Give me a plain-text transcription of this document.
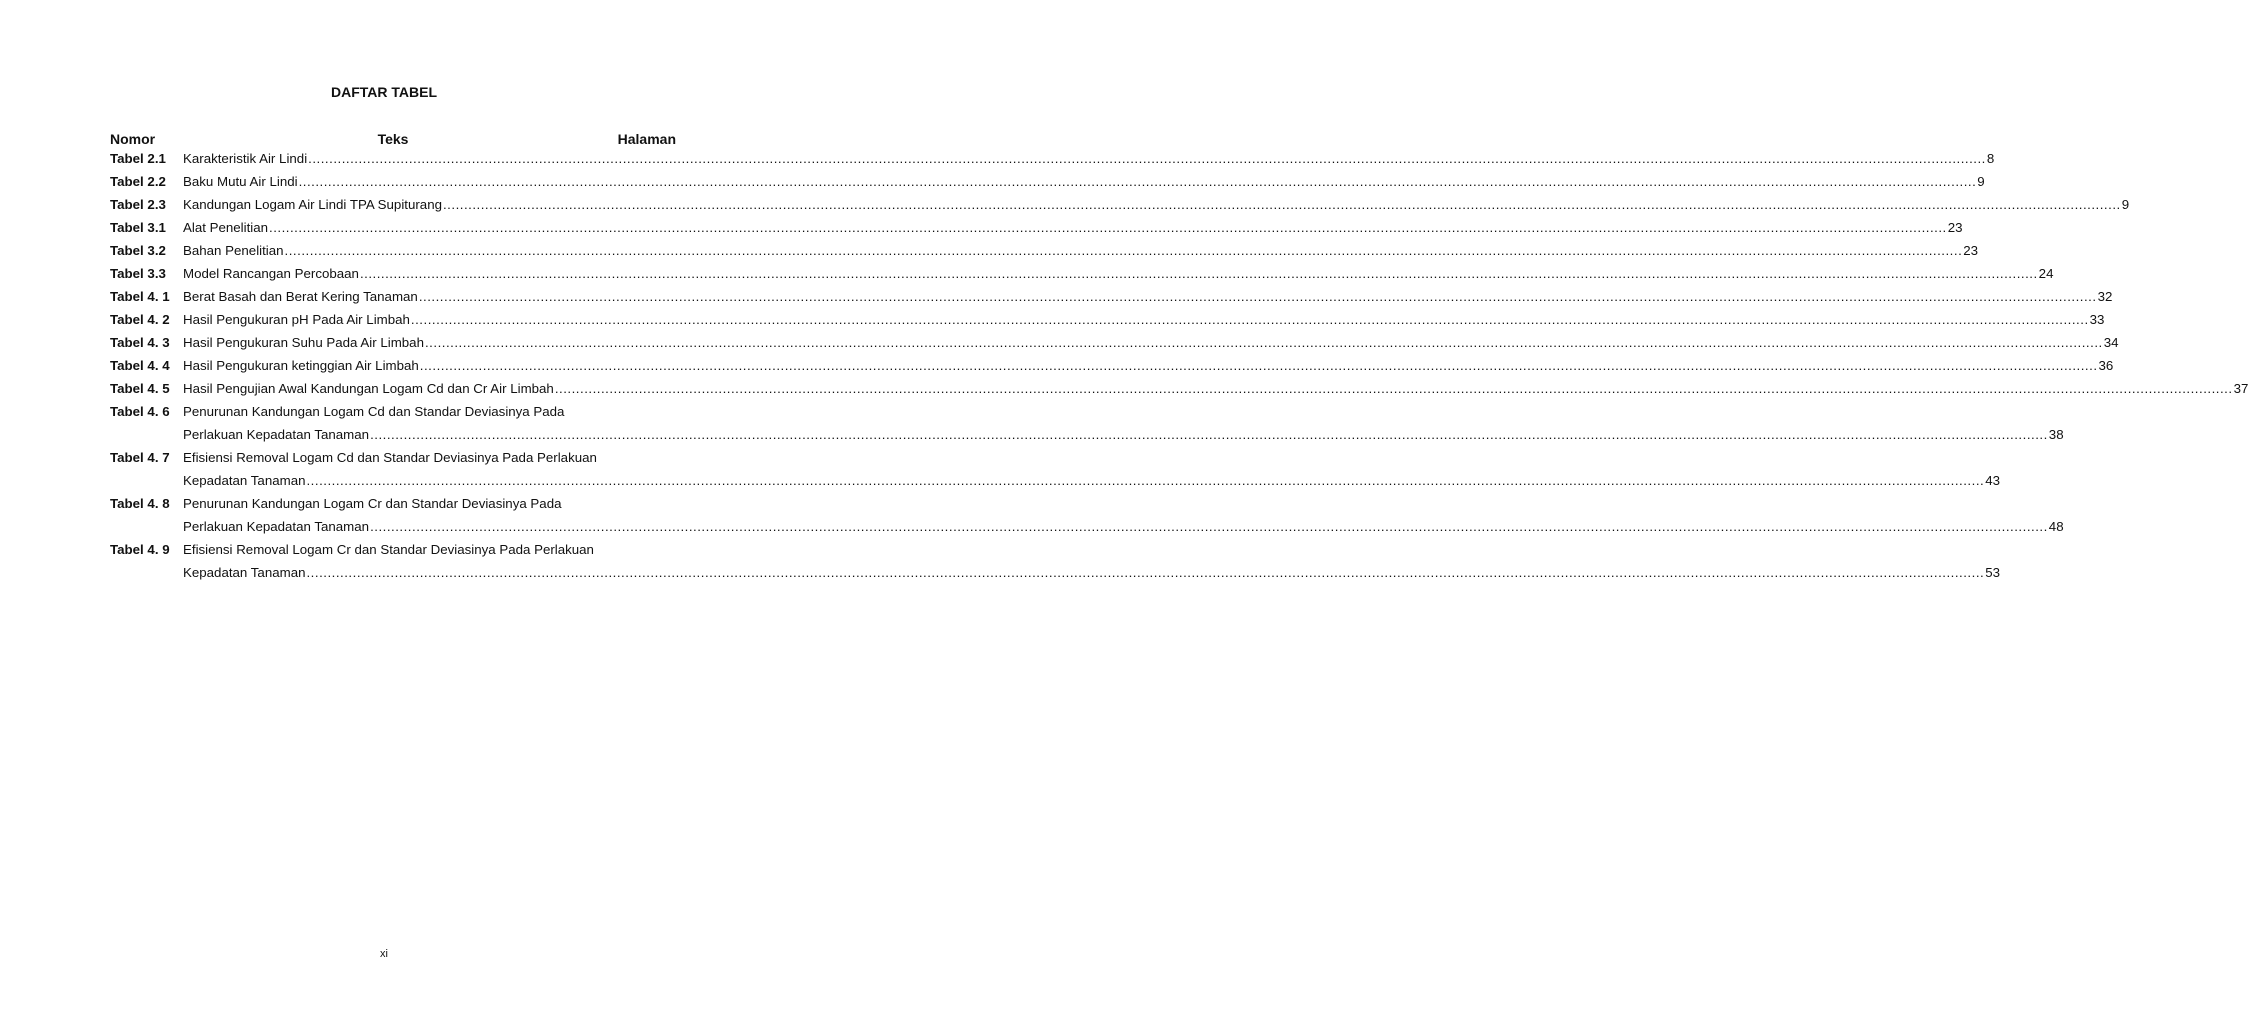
DAFTAR TABEL
Nomor	Teks	Halaman
Tabel 2.1	Karakteristik Air Lindi ................................................................................................................................................................................................................................................................................................................................................................................................................ 8
Tabel 2.2	Baku Mutu Air Lindi ................................................................................................................................................................................................................................................................................................................................................................................................................ 9
Tabel 2.3	Kandungan Logam Air Lindi TPA Supiturang ................................................................................................................................................................................................................................................................................................................................................................................................................ 9
Tabel 3.1	Alat Penelitian ................................................................................................................................................................................................................................................................................................................................................................................................................ 23
Tabel 3.2	Bahan Penelitian ................................................................................................................................................................................................................................................................................................................................................................................................................ 23
Tabel 3.3	Model Rancangan Percobaan ................................................................................................................................................................................................................................................................................................................................................................................................................ 24
Tabel 4. 1	Berat Basah dan Berat Kering Tanaman ................................................................................................................................................................................................................................................................................................................................................................................................................ 32
Tabel 4. 2	Hasil Pengukuran pH Pada Air Limbah ................................................................................................................................................................................................................................................................................................................................................................................................................ 33
Tabel 4. 3	Hasil Pengukuran Suhu Pada Air Limbah ................................................................................................................................................................................................................................................................................................................................................................................................................ 34
Tabel 4. 4	Hasil Pengukuran ketinggian Air Limbah ................................................................................................................................................................................................................................................................................................................................................................................................................ 36
Tabel 4. 5	Hasil Pengujian Awal Kandungan Logam Cd dan Cr Air Limbah ................................................................................................................................................................................................................................................................................................................................................................................................................ 37
Tabel 4. 6	Penurunan Kandungan Logam Cd dan Standar Deviasinya Pada
Perlakuan Kepadatan Tanaman ................................................................................................................................................................................................................................................................................................................................................................................................................ 38
Tabel 4. 7	Efisiensi Removal Logam Cd dan Standar Deviasinya Pada Perlakuan
Kepadatan Tanaman ................................................................................................................................................................................................................................................................................................................................................................................................................ 43
Tabel 4. 8	Penurunan Kandungan Logam Cr dan Standar Deviasinya Pada
Perlakuan Kepadatan Tanaman ................................................................................................................................................................................................................................................................................................................................................................................................................ 48
Tabel 4. 9	Efisiensi Removal Logam Cr dan Standar Deviasinya Pada Perlakuan
Kepadatan Tanaman ................................................................................................................................................................................................................................................................................................................................................................................................................ 53
xi
